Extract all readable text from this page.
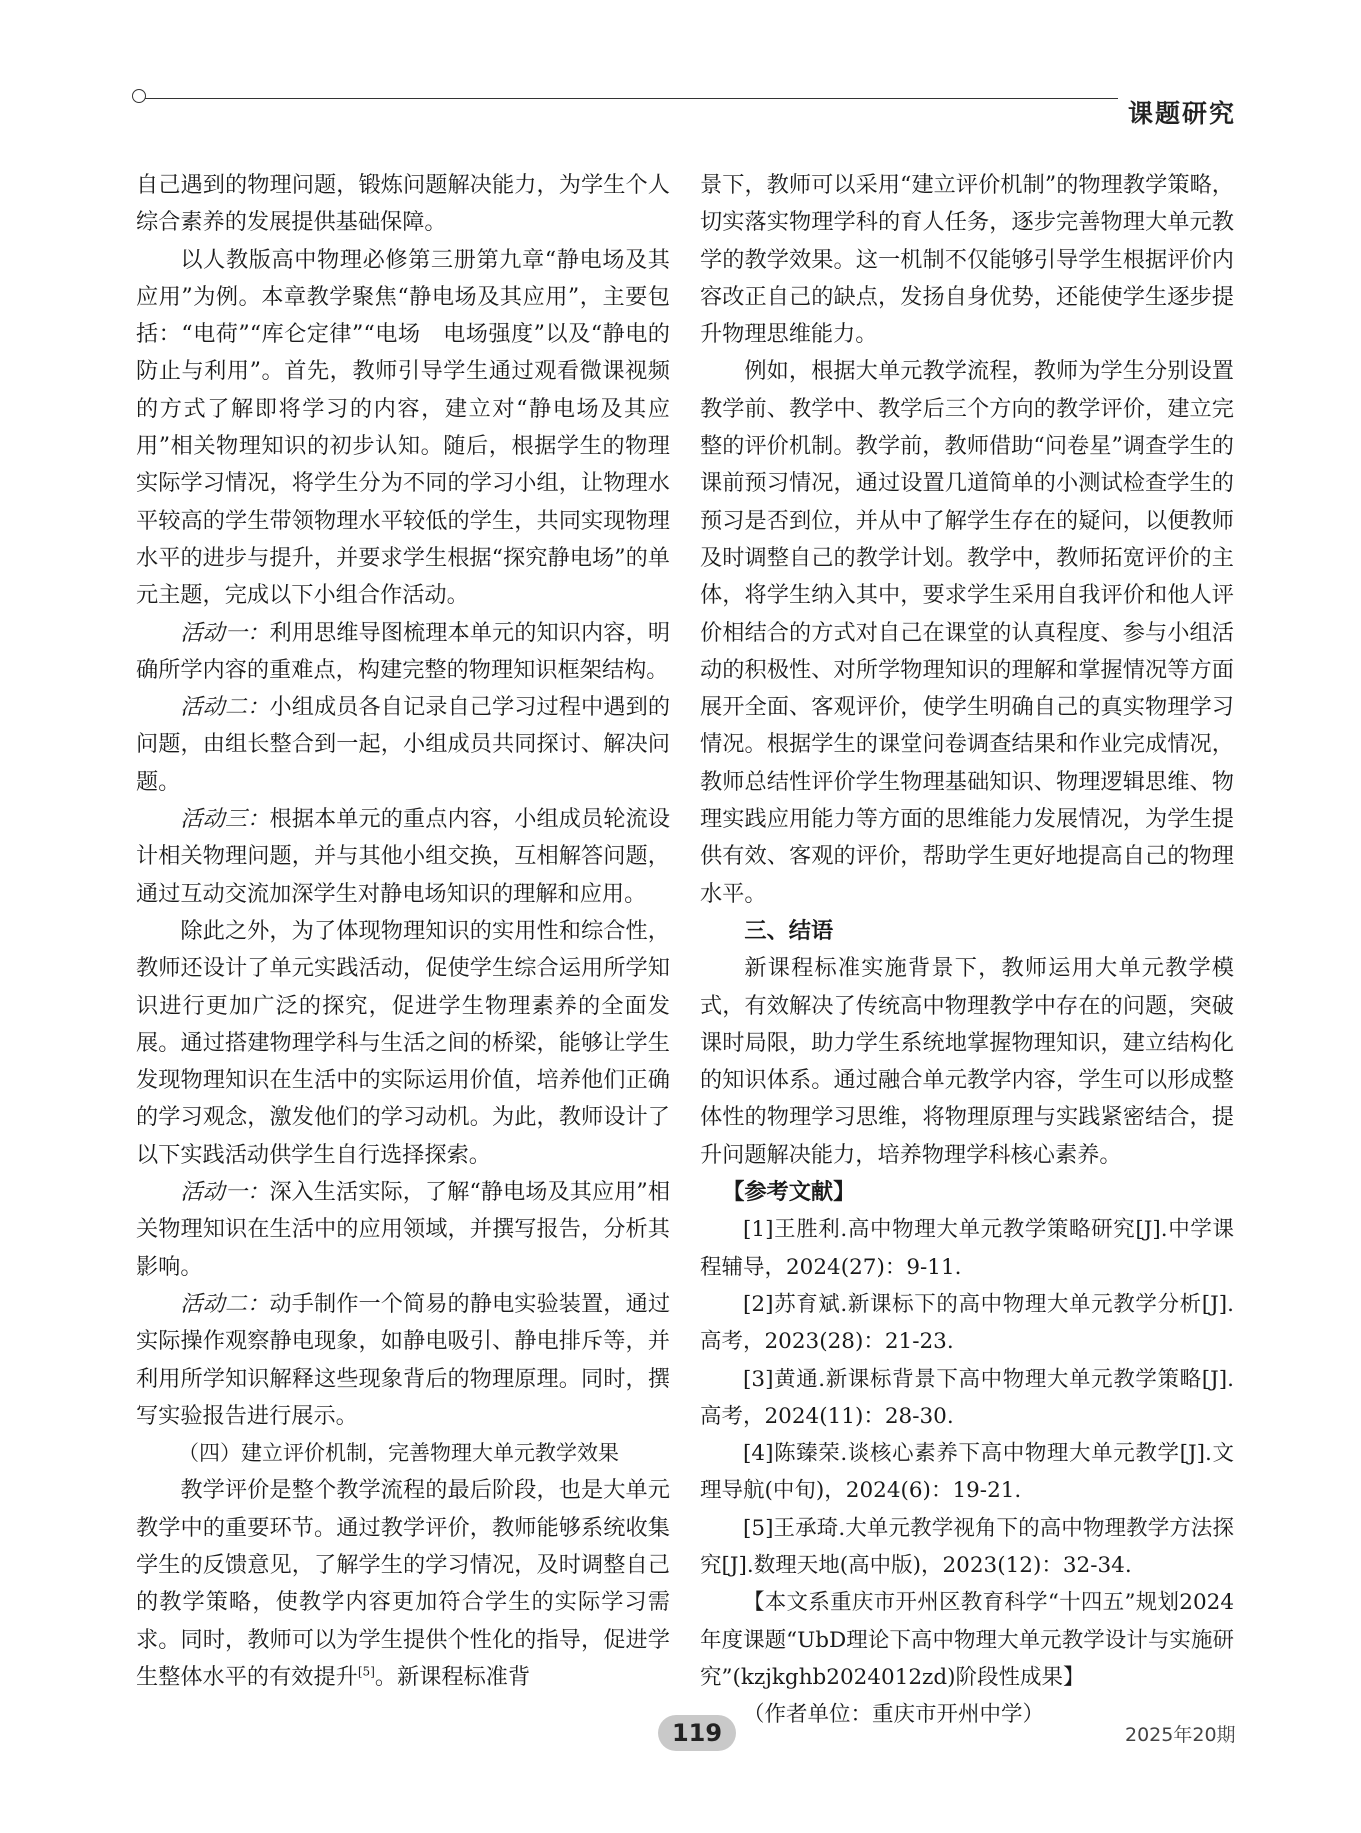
课题研究

自己遇到的物理问题，锻炼问题解决能力，为学生个人综合素养的发展提供基础保障。

以人教版高中物理必修第三册第九章“静电场及其应用”为例。本章教学聚焦“静电场及其应用”，主要包括：“电荷”“库仑定律”“电场　电场强度”以及“静电的防止与利用”。首先，教师引导学生通过观看微课视频的方式了解即将学习的内容，建立对“静电场及其应用”相关物理知识的初步认知。随后，根据学生的物理实际学习情况，将学生分为不同的学习小组，让物理水平较高的学生带领物理水平较低的学生，共同实现物理水平的进步与提升，并要求学生根据“探究静电场”的单元主题，完成以下小组合作活动。

活动一：利用思维导图梳理本单元的知识内容，明确所学内容的重难点，构建完整的物理知识框架结构。

活动二：小组成员各自记录自己学习过程中遇到的问题，由组长整合到一起，小组成员共同探讨、解决问题。

活动三：根据本单元的重点内容，小组成员轮流设计相关物理问题，并与其他小组交换，互相解答问题，通过互动交流加深学生对静电场知识的理解和应用。

除此之外，为了体现物理知识的实用性和综合性，教师还设计了单元实践活动，促使学生综合运用所学知识进行更加广泛的探究，促进学生物理素养的全面发展。通过搭建物理学科与生活之间的桥梁，能够让学生发现物理知识在生活中的实际运用价值，培养他们正确的学习观念，激发他们的学习动机。为此，教师设计了以下实践活动供学生自行选择探索。

活动一：深入生活实际，了解“静电场及其应用”相关物理知识在生活中的应用领域，并撰写报告，分析其影响。

活动二：动手制作一个简易的静电实验装置，通过实际操作观察静电现象，如静电吸引、静电排斥等，并利用所学知识解释这些现象背后的物理原理。同时，撰写实验报告进行展示。

（四）建立评价机制，完善物理大单元教学效果

教学评价是整个教学流程的最后阶段，也是大单元教学中的重要环节。通过教学评价，教师能够系统收集学生的反馈意见，了解学生的学习情况，及时调整自己的教学策略，使教学内容更加符合学生的实际学习需求。同时，教师可以为学生提供个性化的指导，促进学生整体水平的有效提升[5]。新课程标准背

景下，教师可以采用“建立评价机制”的物理教学策略，切实落实物理学科的育人任务，逐步完善物理大单元教学的教学效果。这一机制不仅能够引导学生根据评价内容改正自己的缺点，发扬自身优势，还能使学生逐步提升物理思维能力。

例如，根据大单元教学流程，教师为学生分别设置教学前、教学中、教学后三个方向的教学评价，建立完整的评价机制。教学前，教师借助“问卷星”调查学生的课前预习情况，通过设置几道简单的小测试检查学生的预习是否到位，并从中了解学生存在的疑问，以便教师及时调整自己的教学计划。教学中，教师拓宽评价的主体，将学生纳入其中，要求学生采用自我评价和他人评价相结合的方式对自己在课堂的认真程度、参与小组活动的积极性、对所学物理知识的理解和掌握情况等方面展开全面、客观评价，使学生明确自己的真实物理学习情况。根据学生的课堂问卷调查结果和作业完成情况，教师总结性评价学生物理基础知识、物理逻辑思维、物理实践应用能力等方面的思维能力发展情况，为学生提供有效、客观的评价，帮助学生更好地提高自己的物理水平。

三、结语

新课程标准实施背景下，教师运用大单元教学模式，有效解决了传统高中物理教学中存在的问题，突破课时局限，助力学生系统地掌握物理知识，建立结构化的知识体系。通过融合单元教学内容，学生可以形成整体性的物理学习思维，将物理原理与实践紧密结合，提升问题解决能力，培养物理学科核心素养。

【参考文献】

[1]王胜利.高中物理大单元教学策略研究[J].中学课程辅导，2024(27)：9-11.

[2]苏育斌.新课标下的高中物理大单元教学分析[J].高考，2023(28)：21-23.

[3]黄通.新课标背景下高中物理大单元教学策略[J].高考，2024(11)：28-30.

[4]陈臻荣.谈核心素养下高中物理大单元教学[J].文理导航(中旬)，2024(6)：19-21.

[5]王承琦.大单元教学视角下的高中物理教学方法探究[J].数理天地(高中版)，2023(12)：32-34.

【本文系重庆市开州区教育科学“十四五”规划2024年度课题“UbD理论下高中物理大单元教学设计与实施研究”(kzjkghb2024012zd)阶段性成果】

（作者单位：重庆市开州中学）

119	2025年20期
